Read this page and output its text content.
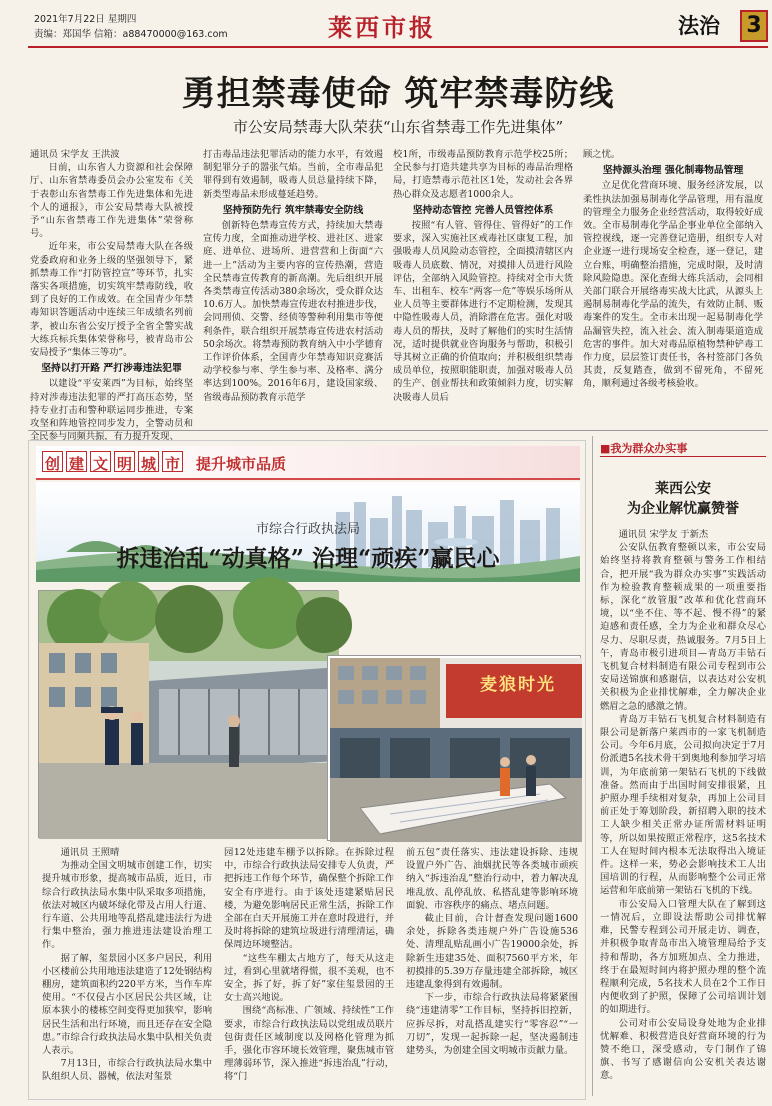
2021年7月22日 星期四
责编：郑国华 信箱：a88470000@163.com	莱西市报	法治 3
勇担禁毒使命 筑牢禁毒防线
市公安局禁毒大队荣获“山东省禁毒工作先进集体”

通讯员 宋学友 王洪波

日前，山东省人力资源和社会保障厅、山东省禁毒委员会办公室发布《关于表彰山东省禁毒工作先进集体和先进个人的通报》，市公安局禁毒大队被授予“山东省禁毒工作先进集体”荣誉称号。

近年来，市公安局禁毒大队在各级党委政府和业务上级的坚强领导下，紧抓禁毒工作“打防管控宣”等环节，扎实落实各项措施，切实筑牢禁毒防线，收到了良好的工作成效。在全国青少年禁毒知识答题活动中连续三年成绩名列前茅，被山东省公安厅授予全省全警实战大练兵标兵集体荣誉称号，被青岛市公安局授予“集体三等功”。

坚持以打开路 严打涉毒违法犯罪

以建设“平安莱西”为目标，始终坚持对涉毒违法犯罪的严打高压态势，坚持专业打击和警种联运同步推进，专案攻坚和阵地管控同步发力，全警动员和全民参与同频共振，有力提升发现、

打击毒品违法犯罪活动的能力水平，有效遏制犯罪分子的嚣张气焰。当前，全市毒品犯罪得到有效遏制，吸毒人员总量持续下降，新类型毒品未形成蔓延趋势。

坚持预防先行 筑牢禁毒安全防线

创新特色禁毒宣传方式，持续加大禁毒宣传力度，全面推动进学校、进社区、进家庭、进单位、进场所、进营营和上街面“六进一上”活动为主要内容的宣传热潮，营造全民禁毒宣传教育的新高潮。先后组织开展各类禁毒宣传活动380余场次，受众群众达10.6万人。加快禁毒宣传进农村推进步伐，会同刑侦、交警、经侦等警种利用集市等便利条件，联合组织开展禁毒宣传进农村活动50余场次。将禁毒预防教育纳入中小学德育工作评价体系，全国青少年禁毒知识竞赛活动学校参与率、学生参与率、及格率、满分率达到100%。2016年6月，建设国家级、省级毒品预防教育示范学

校1所，市级毒品预防教育示范学校25所；全民参与打造共建共享为目标的毒品治理格局，打造禁毒示范社区1处，发动社会各界热心群众及志愿者1000余人。

坚持动态管控 完善人员管控体系

按照“有人管、管得住、管得好”的工作要求，深入实施社区戒毒社区康复工程，加强吸毒人员风险动态管控，全面摸清辖区内吸毒人员底数、情况，对摸排人员进行风险评估，全部纳入风险管控。持续对全市大货车、出租车、校车“两客一危”等娱乐场所从业人员等主要群体进行不定期检测，发现其中隐性吸毒人员，消除潜在危害。强化对吸毒人员的帮扶，及时了解他们的实时生活情况，适时提供就业咨询服务与帮助，积极引导其树立正确的价值取向；并积极组织禁毒成员单位，按照职能职责，加强对吸毒人员的生产、创业帮扶和政策倾斜力度，切实解决吸毒人员后

顾之忧。

坚持源头治理 强化制毒物品管理

立足优化营商环境、服务经济发展，以柔性执法加强易制毒化学品管理，用有温度的管理全力服务企业经营活动，取得较好成效。全市易制毒化学品企事业单位全部纳入管控视线，逐一完善登记造册，组织专人对企业逐一进行现场安全检查，逐一登记，建立台账，明确整治措施，完成时限，及时清除风险隐患。深化查缉大练兵活动，会同相关部门联合开展络毒实战大比武，从源头上遏制易制毒化学品的流失，有效防止制、贩毒案件的发生。全市未出现一起易制毒化学品漏管失控，流入社会、流入制毒渠道造成危害的事件。加大对毒品原植物禁种铲毒工作力度，层层签订责任书，各村签部门各负其责，反复踏查，做到不留死角，不留死角，顺利通过各级考核验收。

■我为群众办实事
莱西公安
为企业解忧赢赞誉

通讯员 宋学友 于新杰

公安队伍教育整顿以来，市公安局始终坚持将教育整顿与警务工作相结合，把开展“我为群众办实事”实践活动作为检验教育整顿成果的一项重要指标，深化“放管服”改革和优化营商环境，以“坐不住、等不起、慢不得”的紧迫感和责任感，全力为企业和群众尽心尽力、尽职尽责，热诚服务。7月5日上午，青岛市极引进项目—青岛万丰钻石飞机复合材料制造有限公司专程到市公安局送锦旗和感谢信，以表达对公安机关积极为企业排忧解难，全力解决企业燃眉之急的感激之情。

青岛万丰钻石飞机复合材料制造有限公司是新落户莱西市的一家飞机制造公司。今年6月底，公司拟向决定于7月份派遣5名技术骨干到奥地利参加学习培训，为年底前第一架钻石飞机的下线做准备。然而由于出国时间安排很紧，且护照办理手续相对复杂，再加上公司目前正处于筹划阶段，新招聘入职的技术工人缺少相关正常办证所需材料证明等，所以如果按照正常程序，这5名技术工人在短时间内根本无法取得出入境证件。这样一来，势必会影响技术工人出国培训的行程，从而影响整个公司正常运营和年底前第一架钻石飞机的下线。

市公安局入口管理大队在了解到这一情况后，立即设法帮助公司排忧解难，民警专程到公司开展走访、调查，并积极争取青岛市出入境管理局给予支持和帮助，各方加班加点、全力推进，终于在最短时间内将护照办理的整个流程顺利完成，5名技术人员在2个工作日内便收到了护照，保障了公司培训计划的如期进行。

公司对市公安局设身处地为企业排忧解难、积极营造良好营商环境的行为赞不绝口，深受感动，专门制作了锦旗、书写了感谢信向公安机关表达谢意。

创建文明城市 提升城市品质
市综合行政执法局
拆违治乱“动真格” 治理“顽疾”赢民心
麦狼时光

通讯员 王照晴

为推动全国文明城市创建工作，切实提升城市形象，提高城市品质，近日，市综合行政执法局水集中队采取多项措施，依法对城区内破坏绿化带及占用人行道、行车道、公共用地等乱搭乱建违法行为进行集中整治，强力推进违法建设治理工作。

据了解，玺景园小区多户居民，利用小区楼前公共用地违法建造了12处钢结构棚房，建筑面积约220平方米，当作车库使用。“不仅侵占小区居民公共区域，让原本狭小的楼栋空间变得更加狭窄，影响居民生活和出行环境，而且还存在安全隐患。”市综合行政执法局水集中队相关负责人表示。

7月13日，市综合行政执法局水集中队组织人员、器械，依法对玺景

园12处违建车棚予以拆除。在拆除过程中，市综合行政执法局安排专人负责，严把拆违工作每个环节，确保整个拆除工作安全有序进行。由于该处违建紧贴居民楼，为避免影响居民正常生活，拆除工作全部在白天开展施工并在意时段进行，并及时将拆除的建筑垃圾进行清理清运，确保周边环境整洁。

“这些车棚太占地方了，每天从这走过，看到心里就堵得慌，很不美观，也不安全，拆了好，拆了好”家住玺景园的王女士高兴地说。

围绕“高标准、广领域、持续性”工作要求，市综合行政执法局以党组成员联片包街责任区域制度以及网格化管理为抓手，强化市容环境长效管理，聚焦城市管理薄弱环节，深入推进“拆违治乱”行动，将“门

前五包”责任落实、违法建设拆除、违规设置户外广告、油烟扰民等各类城市顽疾纳入“拆违治乱”整治行动中，着力解决乱堆乱放、乱停乱放、私搭乱建等影响环境面貌、市容秩序的痛点、堵点问题。

截止目前，合计督查发现问题1600余处，拆除各类违规户外广告设施536处、清理乱贴乱画小广告19000余处，拆除新生违建35处、面积7560平方米，年初摸排的5.39万存量违建全部拆除，城区违建乱象得到有效遏制。

下一步，市综合行政执法局将紧紧围绕“违建清零”工作目标，坚持拆旧控新，应拆尽拆，对乱搭乱建实行“零容忍”“一刀切”，发现一起拆除一起，坚决遏制违建势头，为创建全国文明城市贡献力量。
